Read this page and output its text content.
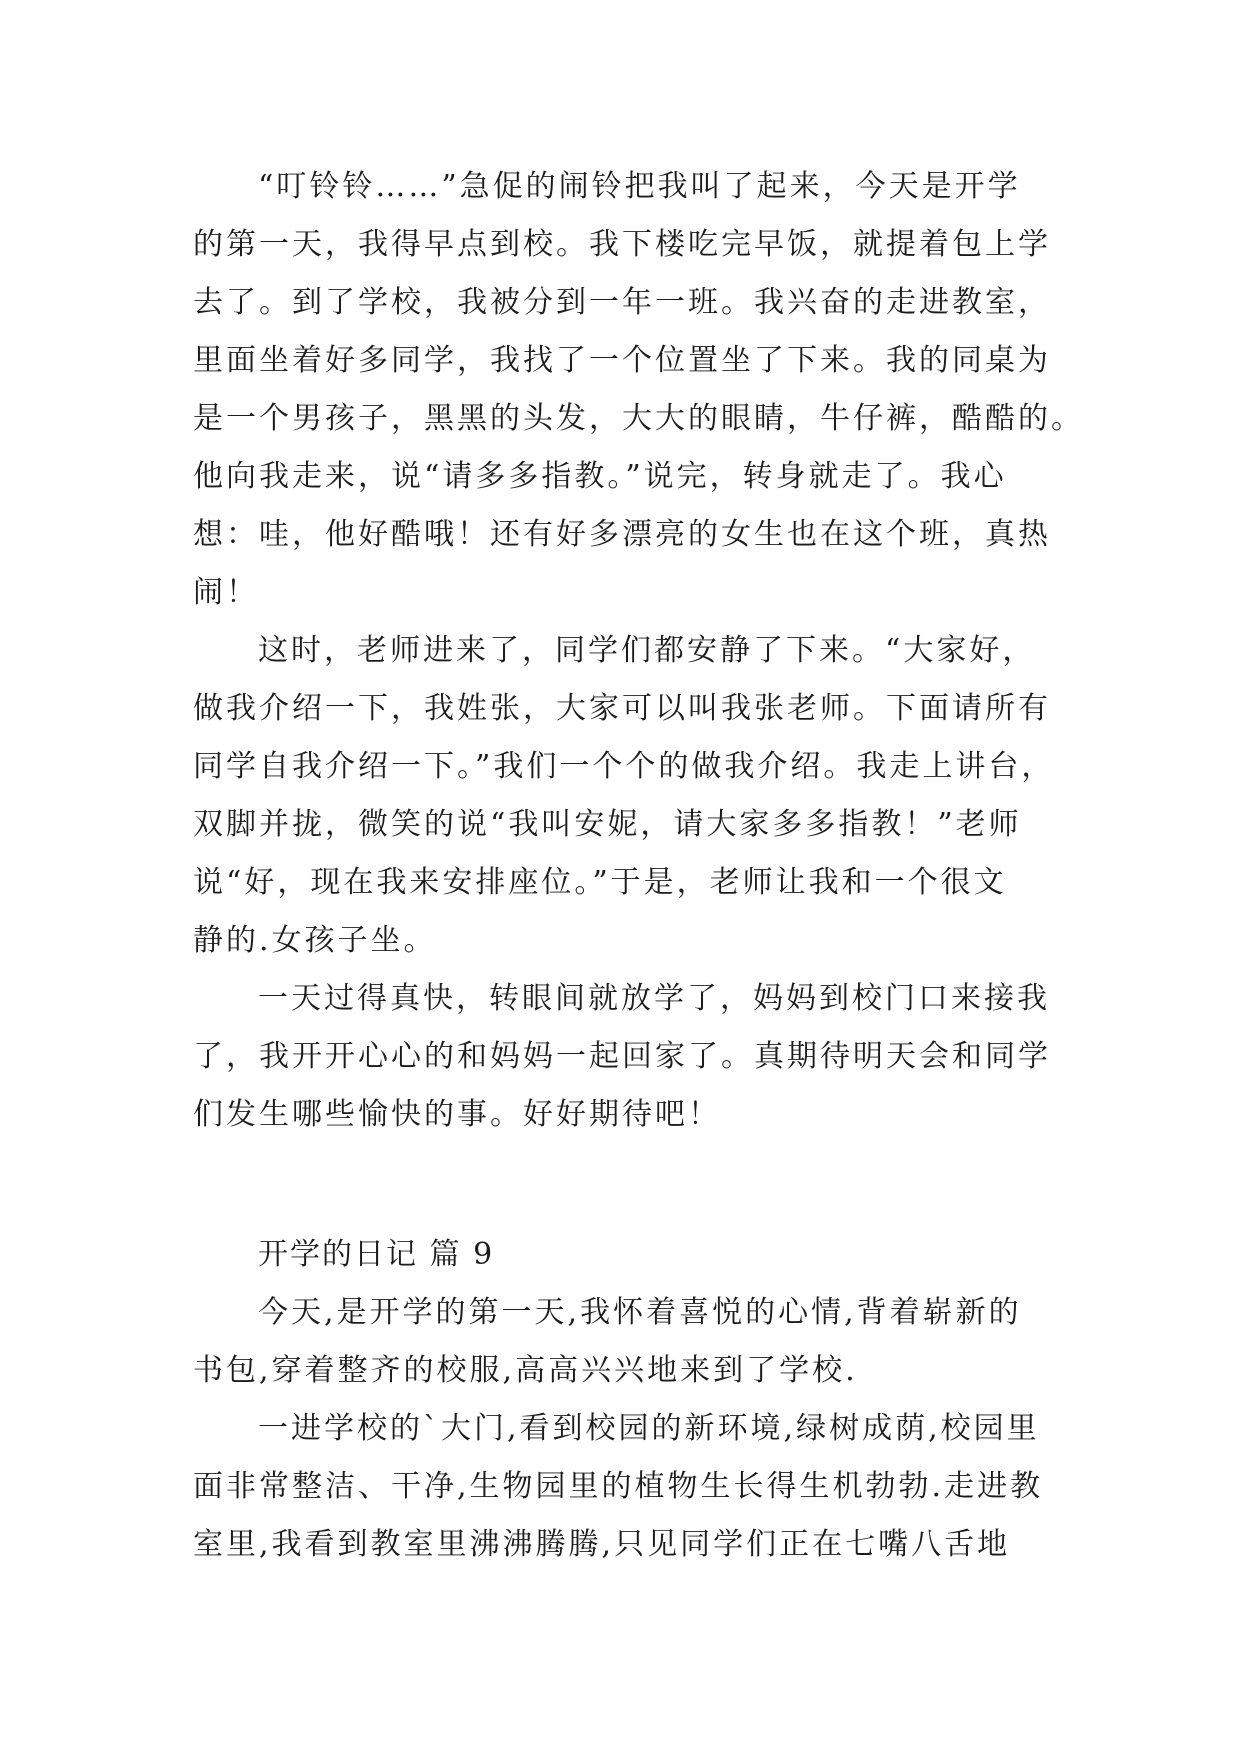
“叮铃铃……”急促的闹铃把我叫了起来，今天是开学
的第一天，我得早点到校。我下楼吃完早饭，就提着包上学
去了。到了学校，我被分到一年一班。我兴奋的走进教室，
里面坐着好多同学，我找了一个位置坐了下来。我的同桌为
是一个男孩子，黑黑的头发，大大的眼睛，牛仔裤，酷酷的。
他向我走来，说“请多多指教。”说完，转身就走了。我心
想：哇，他好酷哦！还有好多漂亮的女生也在这个班，真热
闹！
这时，老师进来了，同学们都安静了下来。“大家好，
做我介绍一下，我姓张，大家可以叫我张老师。下面请所有
同学自我介绍一下。”我们一个个的做我介绍。我走上讲台，
双脚并拢，微笑的说“我叫安妮，请大家多多指教！”老师
说“好，现在我来安排座位。”于是，老师让我和一个很文
静的.女孩子坐。
一天过得真快，转眼间就放学了，妈妈到校门口来接我
了，我开开心心的和妈妈一起回家了。真期待明天会和同学
们发生哪些愉快的事。好好期待吧！
开学的日记 篇 9
今天,是开学的第一天,我怀着喜悦的心情,背着崭新的
书包,穿着整齐的校服,高高兴兴地来到了学校.
一进学校的`大门,看到校园的新环境,绿树成荫,校园里
面非常整洁、干净,生物园里的植物生长得生机勃勃.走进教
室里,我看到教室里沸沸腾腾,只见同学们正在七嘴八舌地
